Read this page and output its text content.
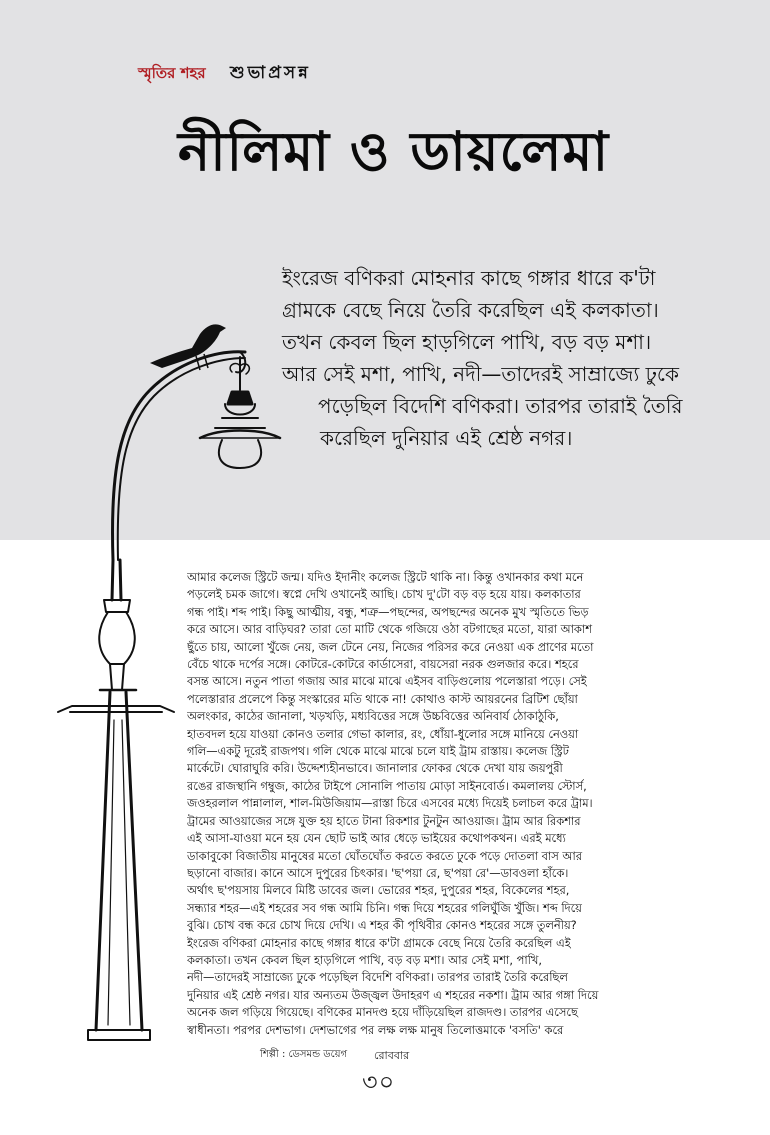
স্মৃতির শহর শুভাপ্রসন্ন
নীলিমা ও ডায়লেমা

ইংরেজ বণিকরা মোহনার কাছে গঙ্গার ধারে ক'টা

গ্রামকে বেছে নিয়ে তৈরি করেছিল এই কলকাতা।

তখন কেবল ছিল হাড়গিলে পাখি, বড় বড় মশা।

আর সেই মশা, পাখি, নদী—তাদেরই সাম্রাজ্যে ঢুকে

পড়েছিল বিদেশি বণিকরা। তারপর তারাই তৈরি

করেছিল দুনিয়ার এই শ্রেষ্ঠ নগর।

আমার কলেজ স্ট্রিটে জন্ম। যদিও ইদানীং কলেজ স্ট্রিটে থাকি না। কিন্তু ওখানকার কথা মনে

পড়লেই চমক জাগে। স্বপ্নে দেখি ওখানেই আছি। চোখ দু'টো বড় বড় হয়ে যায়। কলকাতার

গন্ধ পাই। শব্দ পাই। কিছু আত্মীয়, বন্ধু, শত্রু—পছন্দের, অপছন্দের অনেক মুখ স্মৃতিতে ভিড়

করে আসে। আর বাড়িঘর? তারা তো মাটি থেকে গজিয়ে ওঠা বটগাছের মতো, যারা আকাশ

ছুঁতে চায়, আলো খুঁজে নেয়, জল টেনে নেয়, নিজের পরিসর করে নেওয়া এক প্রাণের মতো

বেঁচে থাকে দর্পের সঙ্গে। কোটরে-কোটরে কার্ডাসেরা, বায়সেরা নরক গুলজার করে। শহরে

বসন্ত আসে। নতুন পাতা গজায় আর মাঝে মাঝে এইসব বাড়িগুলোয় পলেস্তারা পড়ে। সেই

পলেস্তারার প্রলেপে কিন্তু সংস্কারের মতি থাকে না! কোথাও কাস্ট আয়রনের ব্রিটিশ ছোঁয়া

অলংকার, কাঠের জানালা, খড়খড়ি, মধ্যবিত্তের সঙ্গে উচ্চবিত্তের অনিবার্য ঠোকাঠুকি,

হাতবদল হয়ে যাওয়া কোনও তলার গেভা কালার, রং, ধোঁয়া-ধুলোর সঙ্গে মানিয়ে নেওয়া

গলি—একটু দূরেই রাজপথ। গলি থেকে মাঝে মাঝে চলে যাই ট্রাম রাস্তায়। কলেজ স্ট্রিট

মার্কেটে। ঘোরাঘুরি করি। উদ্দেশ্যহীনভাবে। জানালার ফোকর থেকে দেখা যায় জয়পুরী

রঙের রাজস্থানি গম্বুজ, কাঠের টাইপে সোনালি পাতায় মোড়া সাইনবোর্ড। কমলালয় স্টোর্স,

জওহরলাল পান্নালাল, শাল-মিউজিয়াম—রাস্তা চিরে এসবের মধ্যে দিয়েই চলাচল করে ট্রাম।

ট্রামের আওয়াজের সঙ্গে যুক্ত হয় হাতে টানা রিকশার টুনটুন আওয়াজ। ট্রাম আর রিকশার

এই আসা-যাওয়া মনে হয় যেন ছোট ভাই আর ধেড়ে ভাইয়ের কথোপকথন। এরই মধ্যে

ডাকাবুকো বিজাতীয় মানুষের মতো ঘোঁতঘোঁত করতে করতে ঢুকে পড়ে দোতলা বাস আর

ছড়ানো বাজার। কানে আসে দুপুরের চিৎকার। 'ছ'পয়া রে, ছ'পয়া রে'—ডাবওলা হাঁকে।

অর্থাৎ ছ'পয়সায় মিলবে মিষ্টি ডাবের জল। ভোরের শহর, দুপুরের শহর, বিকেলের শহর,

সন্ধ্যার শহর—এই শহরের সব গন্ধ আমি চিনি। গন্ধ দিয়ে শহরের গলিঘুঁজি খুঁজি। শব্দ দিয়ে

বুঝি। চোখ বন্ধ করে চোখ দিয়ে দেখি। এ শহর কী পৃথিবীর কোনও শহরের সঙ্গে তুলনীয়?

ইংরেজ বণিকরা মোহনার কাছে গঙ্গার ধারে ক'টা গ্রামকে বেছে নিয়ে তৈরি করেছিল এই

কলকাতা। তখন কেবল ছিল হাড়গিলে পাখি, বড় বড় মশা। আর সেই মশা, পাখি,

নদী—তাদেরই সাম্রাজ্যে ঢুকে পড়েছিল বিদেশি বণিকরা। তারপর তারাই তৈরি করেছিল

দুনিয়ার এই শ্রেষ্ঠ নগর। যার অন্যতম উজ্জ্বল উদাহরণ এ শহরের নকশা। ট্রাম আর গঙ্গা দিয়ে

অনেক জল গড়িয়ে গিয়েছে। বণিকের মানদণ্ড হয়ে দাঁড়িয়েছিল রাজদণ্ড। তারপর এসেছে

স্বাধীনতা। পরপর দেশভাগ। দেশভাগের পর লক্ষ লক্ষ মানুষ তিলোত্তমাকে 'বসতি' করে

শিল্পী : ডেসমন্ড ডয়েগ রোববার
৩০
